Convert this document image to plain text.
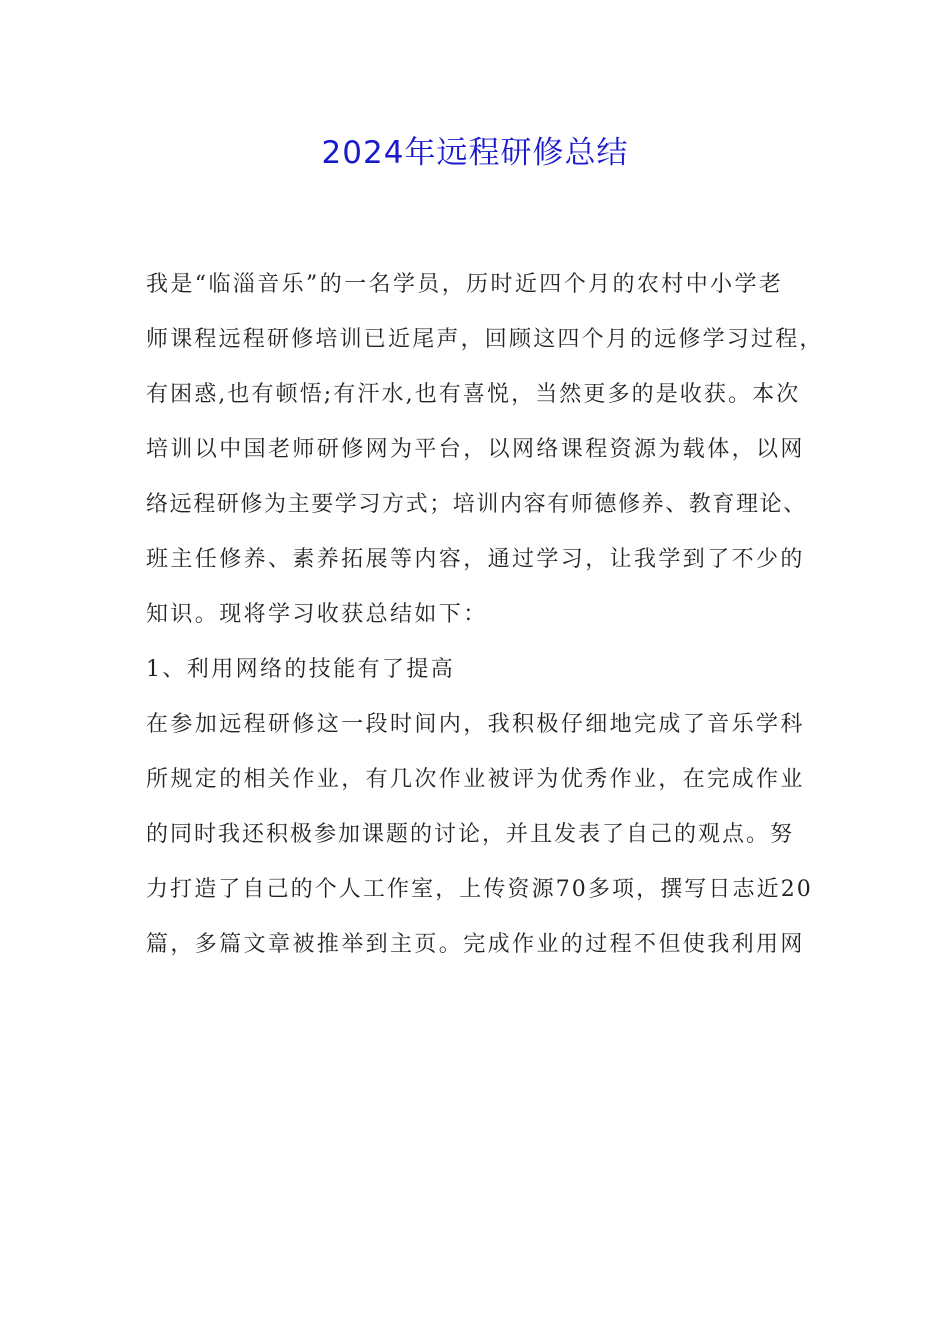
2024年远程研修总结
我是“临淄音乐”的一名学员，历时近四个月的农村中小学老
师课程远程研修培训已近尾声，回顾这四个月的远修学习过程，
有困惑,也有顿悟;有汗水,也有喜悦，当然更多的是收获。本次
培训以中国老师研修网为平台，以网络课程资源为载体，以网
络远程研修为主要学习方式；培训内容有师德修养、教育理论、
班主任修养、素养拓展等内容，通过学习，让我学到了不少的
知识。现将学习收获总结如下：
1、利用网络的技能有了提高
在参加远程研修这一段时间内，我积极仔细地完成了音乐学科
所规定的相关作业，有几次作业被评为优秀作业，在完成作业
的同时我还积极参加课题的讨论，并且发表了自己的观点。努
力打造了自己的个人工作室，上传资源70多项，撰写日志近20
篇，多篇文章被推举到主页。完成作业的过程不但使我利用网
